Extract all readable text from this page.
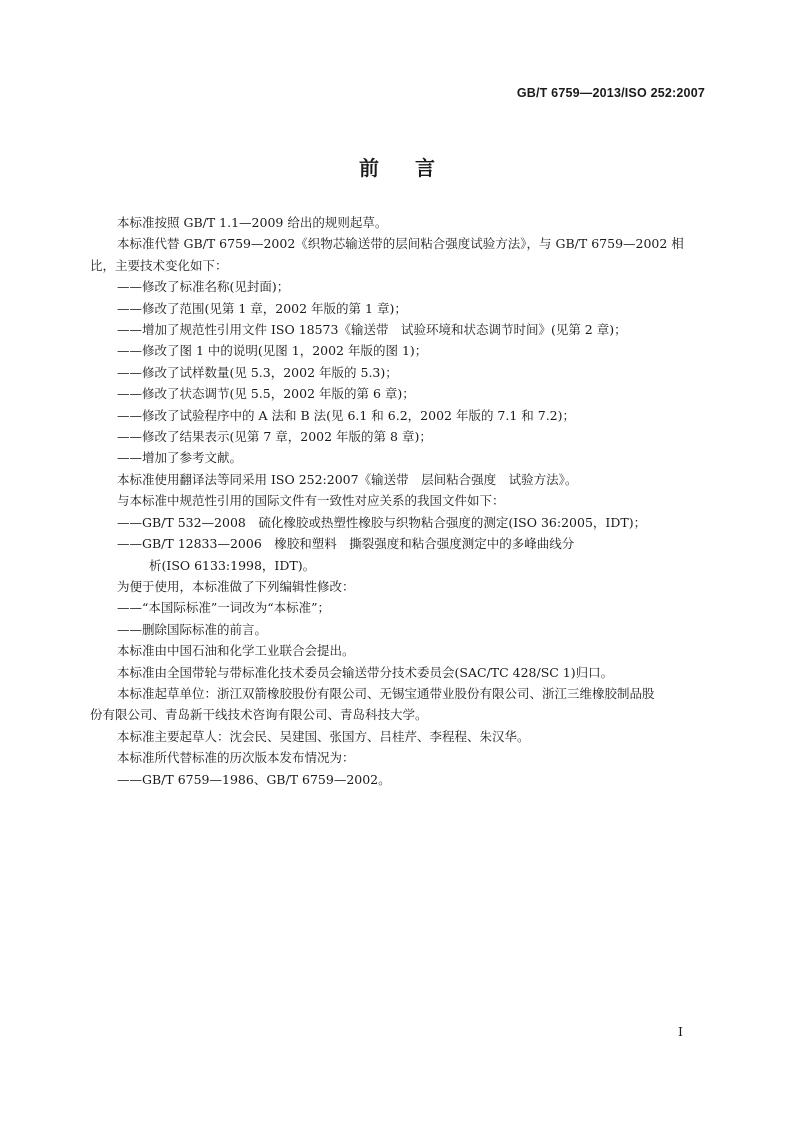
GB/T 6759—2013/ISO 252:2007
前言
本标准按照 GB/T 1.1—2009 给出的规则起草。
本标准代替 GB/T 6759—2002《织物芯输送带的层间粘合强度试验方法》，与 GB/T 6759—2002 相
比，主要技术变化如下：
——修改了标准名称(见封面)；
——修改了范围(见第 1 章，2002 年版的第 1 章)；
——增加了规范性引用文件 ISO 18573《输送带　试验环境和状态调节时间》(见第 2 章)；
——修改了图 1 中的说明(见图 1，2002 年版的图 1)；
——修改了试样数量(见 5.3，2002 年版的 5.3)；
——修改了状态调节(见 5.5，2002 年版的第 6 章)；
——修改了试验程序中的 A 法和 B 法(见 6.1 和 6.2，2002 年版的 7.1 和 7.2)；
——修改了结果表示(见第 7 章，2002 年版的第 8 章)；
——增加了参考文献。
本标准使用翻译法等同采用 ISO 252:2007《输送带　层间粘合强度　试验方法》。
与本标准中规范性引用的国际文件有一致性对应关系的我国文件如下：
——GB/T 532—2008　硫化橡胶或热塑性橡胶与织物粘合强度的测定(ISO 36:2005，IDT)；
——GB/T 12833—2006　橡胶和塑料　撕裂强度和粘合强度测定中的多峰曲线分
析(ISO 6133:1998，IDT)。
为便于使用，本标准做了下列编辑性修改：
——“本国际标准”一词改为“本标准”；
——删除国际标准的前言。
本标准由中国石油和化学工业联合会提出。
本标准由全国带轮与带标准化技术委员会输送带分技术委员会(SAC/TC 428/SC 1)归口。
本标准起草单位：浙江双箭橡胶股份有限公司、无锡宝通带业股份有限公司、浙江三维橡胶制品股
份有限公司、青岛新干线技术咨询有限公司、青岛科技大学。
本标准主要起草人：沈会民、吴建国、张国方、吕桂芹、李程程、朱汉华。
本标准所代替标准的历次版本发布情况为：
——GB/T 6759—1986、GB/T 6759—2002。
I
